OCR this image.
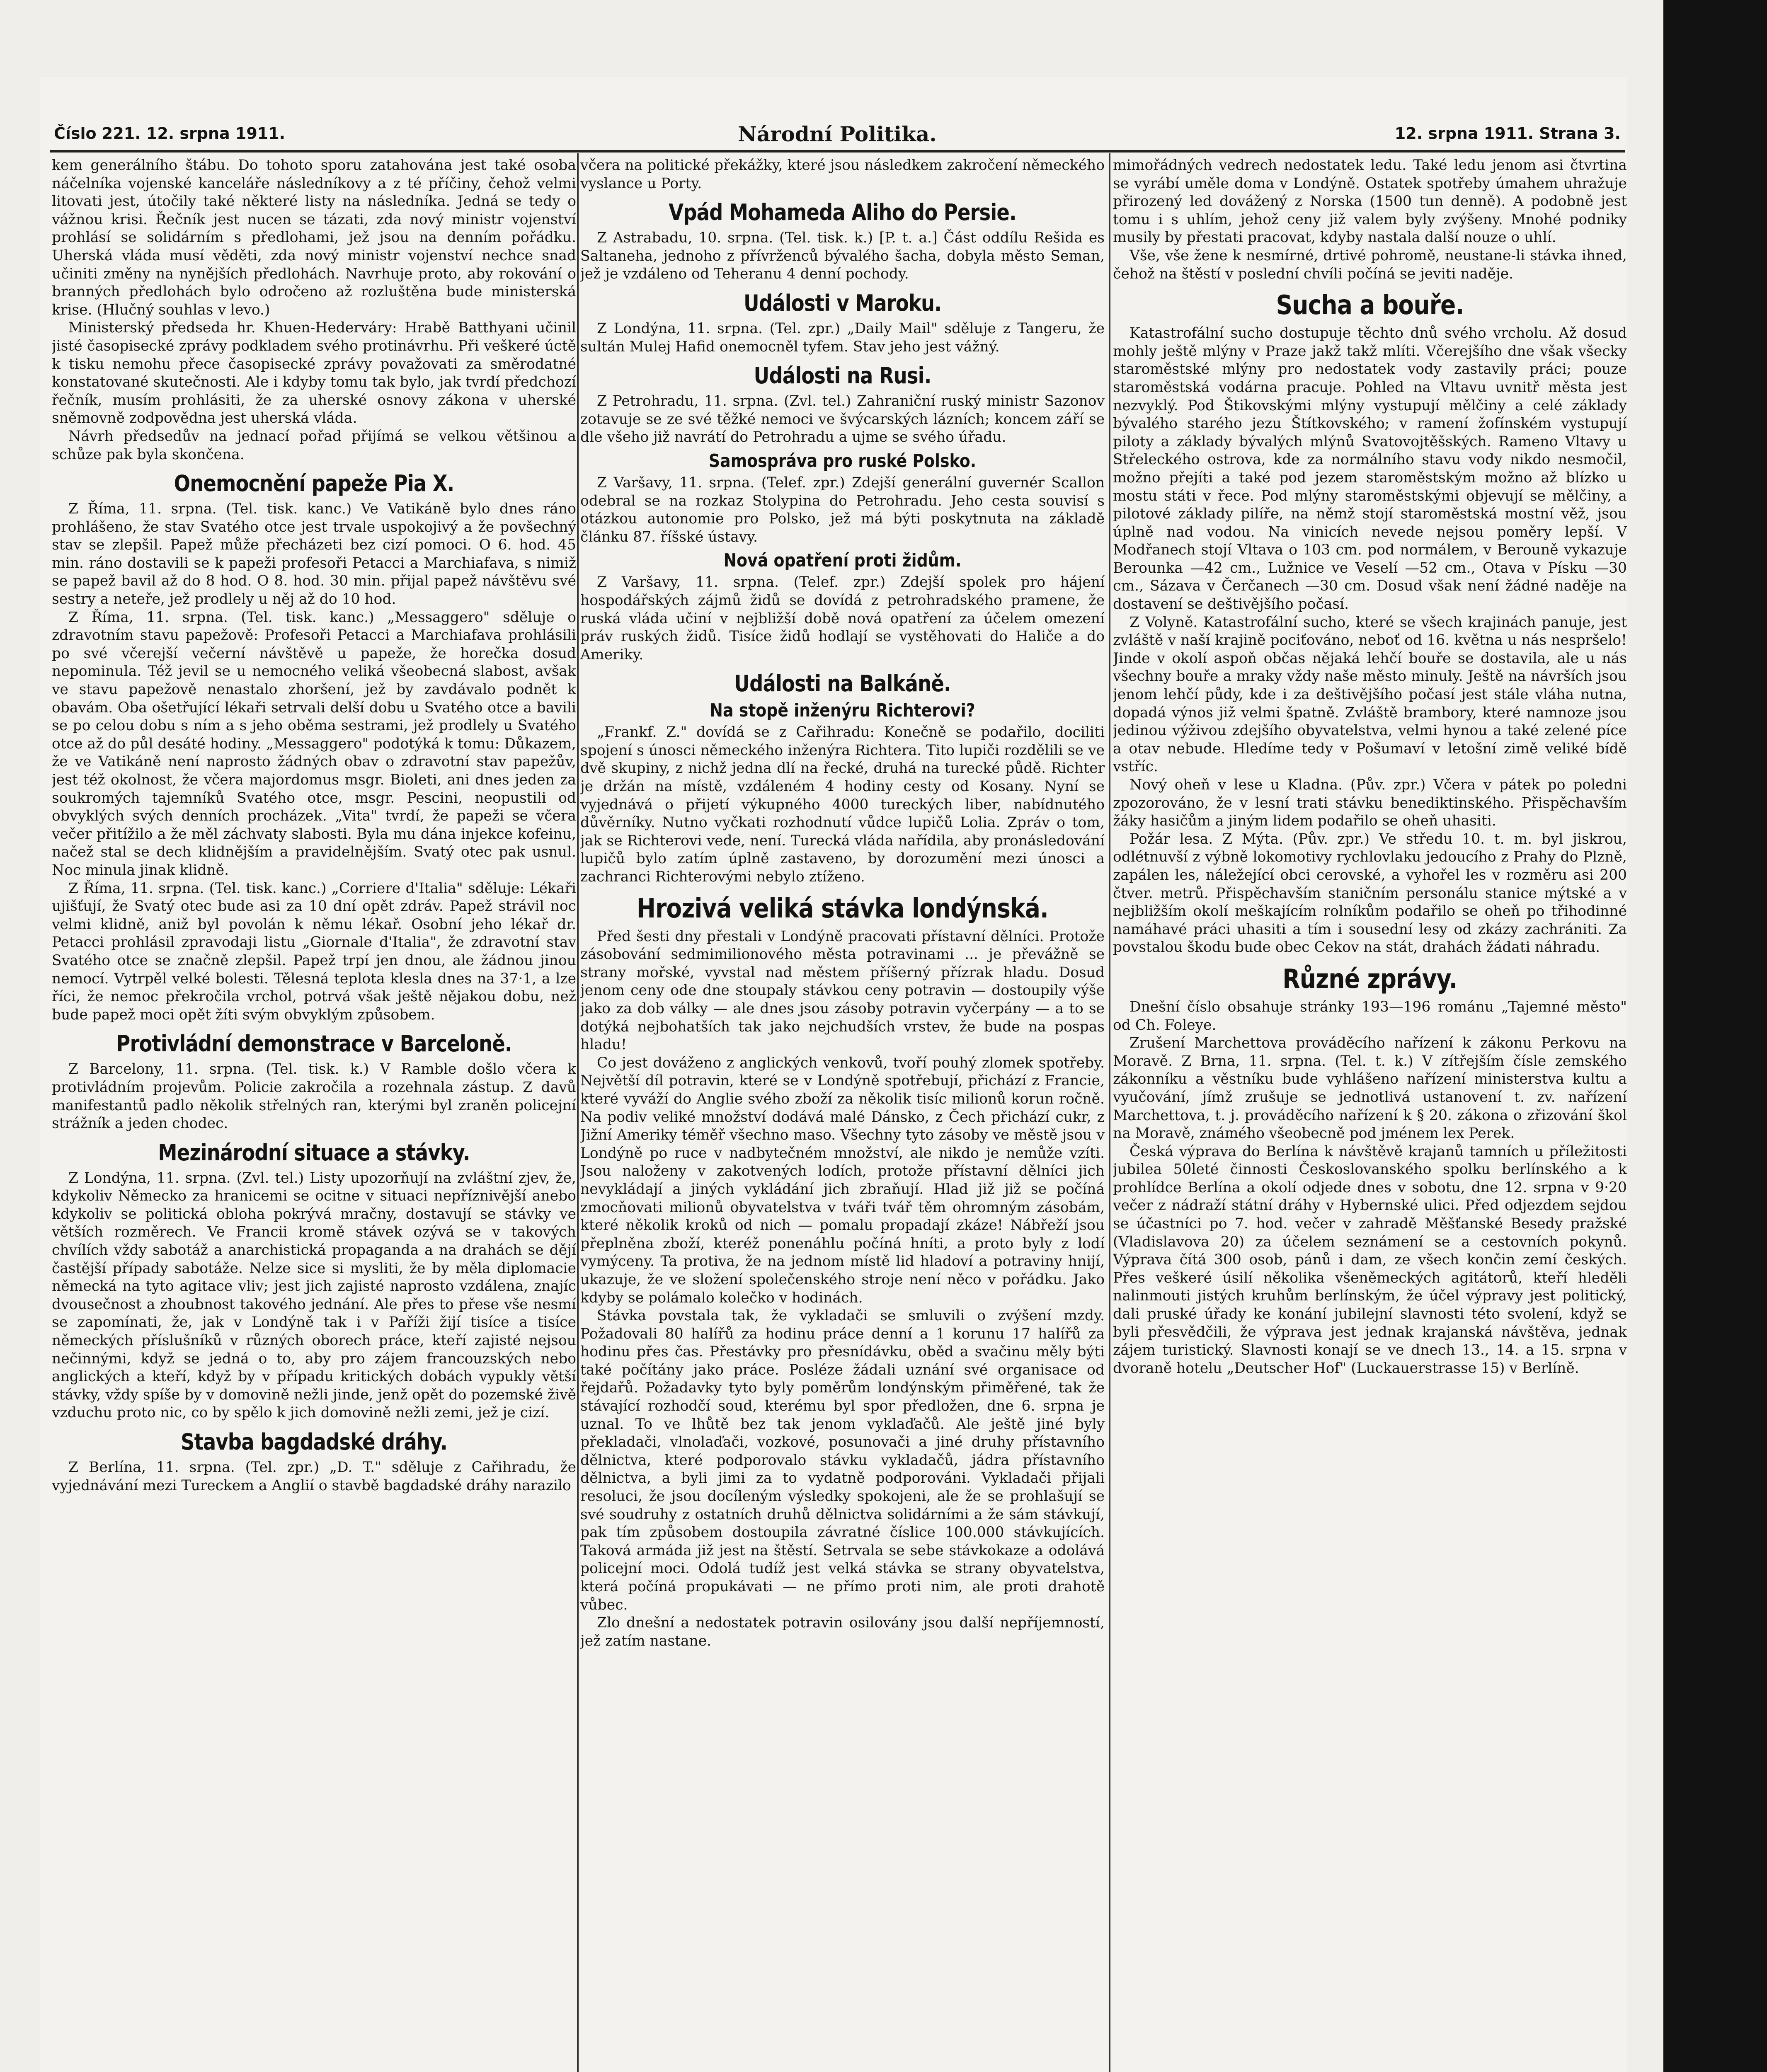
Číslo 221. 12. srpna 1911.	Národní Politika.	12. srpna 1911. Strana 3.

kem generálního štábu. Do tohoto sporu zatahována jest také osoba náčelníka vojenské kanceláře následníkovy a z té příčiny, čehož velmi litovati jest, útočily také některé listy na následníka. Jedná se tedy o vážnou krisi. Řečník jest nucen se tázati, zda nový ministr vojenství prohlásí se solidárním s předlohami, jež jsou na denním pořádku. Uherská vláda musí věděti, zda nový ministr vojenství nechce snad učiniti změny na nynějších předlohách. Navrhuje proto, aby rokování o branných předlohách bylo odročeno až rozluštěna bude ministerská krise. (Hlučný souhlas v levo.)

Ministerský předseda hr. Khuen-Hederváry: Hrabě Batthyani učinil jisté časopisecké zprávy podkladem svého protinávrhu. Při veškeré úctě k tisku nemohu přece časopisecké zprávy považovati za směrodatné konstatované skutečnosti. Ale i kdyby tomu tak bylo, jak tvrdí předchozí řečník, musím prohlásiti, že za uherské osnovy zákona v uherské sněmovně zodpovědna jest uherská vláda.

Návrh předsedův na jednací pořad přijímá se velkou většinou a schůze pak byla skončena.

Onemocnění papeže Pia X.

Z Říma, 11. srpna. (Tel. tisk. kanc.) Ve Vatikáně bylo dnes ráno prohlášeno, že stav Svatého otce jest trvale uspokojivý a že povšechný stav se zlepšil. Papež může přecházeti bez cizí pomoci. O 6. hod. 45 min. ráno dostavili se k papeži profesoři Petacci a Marchiafava, s nimiž se papež bavil až do 8 hod. O 8. hod. 30 min. přijal papež návštěvu své sestry a neteře, jež prodlely u něj až do 10 hod.

Z Říma, 11. srpna. (Tel. tisk. kanc.) „Messaggero" sděluje o zdravotním stavu papežově: Profesoři Petacci a Marchiafava prohlásili po své včerejší večerní návštěvě u papeže, že horečka dosud nepominula. Též jevil se u nemocného veliká všeobecná slabost, avšak ve stavu papežově nenastalo zhoršení, jež by zavdávalo podnět k obavám. Oba ošetřující lékaři setrvali delší dobu u Svatého otce a bavili se po celou dobu s ním a s jeho oběma sestrami, jež prodlely u Svatého otce až do půl desáté hodiny. „Messaggero" podotýká k tomu: Důkazem, že ve Vatikáně není naprosto žádných obav o zdravotní stav papežův, jest též okolnost, že včera majordomus msgr. Bioleti, ani dnes jeden za soukromých tajemníků Svatého otce, msgr. Pescini, neopustili od obvyklých svých denních procházek. „Vita" tvrdí, že papeži se včera večer přitížilo a že měl záchvaty slabosti. Byla mu dána injekce kofeinu, načež stal se dech klidnějším a pravidelnějším. Svatý otec pak usnul. Noc minula jinak klidně.

Z Říma, 11. srpna. (Tel. tisk. kanc.) „Corriere d'Italia" sděluje: Lékaři ujišťují, že Svatý otec bude asi za 10 dní opět zdráv. Papež strávil noc velmi klidně, aniž byl povolán k němu lékař. Osobní jeho lékař dr. Petacci prohlásil zpravodaji listu „Giornale d'Italia", že zdravotní stav Svatého otce se značně zlepšil. Papež trpí jen dnou, ale žádnou jinou nemocí. Vytrpěl velké bolesti. Tělesná teplota klesla dnes na 37·1, a lze říci, že nemoc překročila vrchol, potrvá však ještě nějakou dobu, než bude papež moci opět žíti svým obvyklým způsobem.

Protivládní demonstrace v Barceloně.

Z Barcelony, 11. srpna. (Tel. tisk. k.) V Ramble došlo včera k protivládním projevům. Policie zakročila a rozehnala zástup. Z davů manifestantů padlo několik střelných ran, kterými byl zraněn policejní strážník a jeden chodec.

Mezinárodní situace a stávky.

Z Londýna, 11. srpna. (Zvl. tel.) Listy upozorňují na zvláštní zjev, že, kdykoliv Německo za hranicemi se ocitne v situaci nepříznivější anebo kdykoliv se politická obloha pokrývá mračny, dostavují se stávky ve větších rozměrech. Ve Francii kromě stávek ozývá se v takových chvílích vždy sabotáž a anarchistická propaganda a na drahách se dějí častější případy sabotáže. Nelze sice si mysliti, že by měla diplomacie německá na tyto agitace vliv; jest jich zajisté naprosto vzdálena, znajíc dvousečnost a zhoubnost takového jednání. Ale přes to přese vše nesmí se zapomínati, že, jak v Londýně tak i v Paříži žijí tisíce a tisíce německých příslušníků v různých oborech práce, kteří zajisté nejsou nečinnými, když se jedná o to, aby pro zájem francouzských nebo anglických a kteří, když by v případu kritických dobách vypukly větší stávky, vždy spíše by v domovině nežli jinde, jenž opět do pozemské živě vzduchu proto nic, co by spělo k jich domovině nežli zemi, jež je cizí.

Stavba bagdadské dráhy.

Z Berlína, 11. srpna. (Tel. zpr.) „D. T." sděluje z Cařihradu, že vyjednávání mezi Tureckem a Anglií o stavbě bagdadské dráhy narazilo

včera na politické překážky, které jsou následkem zakročení německého vyslance u Porty.

Vpád Mohameda Aliho do Persie.

Z Astrabadu, 10. srpna. (Tel. tisk. k.) [P. t. a.] Část oddílu Rešida es Saltaneha, jednoho z přívrženců bývalého šacha, dobyla město Seman, jež je vzdáleno od Teheranu 4 denní pochody.

Události v Maroku.

Z Londýna, 11. srpna. (Tel. zpr.) „Daily Mail" sděluje z Tangeru, že sultán Mulej Hafid onemocněl tyfem. Stav jeho jest vážný.

Události na Rusi.

Z Petrohradu, 11. srpna. (Zvl. tel.) Zahraniční ruský ministr Sazonov zotavuje se ze své těžké nemoci ve švýcarských lázních; koncem září se dle všeho již navrátí do Petrohradu a ujme se svého úřadu.

Samospráva pro ruské Polsko.

Z Varšavy, 11. srpna. (Telef. zpr.) Zdejší generální guvernér Scallon odebral se na rozkaz Stolypina do Petrohradu. Jeho cesta souvisí s otázkou autonomie pro Polsko, jež má býti poskytnuta na základě článku 87. říšské ústavy.

Nová opatření proti židům.

Z Varšavy, 11. srpna. (Telef. zpr.) Zdejší spolek pro hájení hospodářských zájmů židů se dovídá z petrohradského pramene, že ruská vláda učiní v nejbližší době nová opatření za účelem omezení práv ruských židů. Tisíce židů hodlají se vystěhovati do Haliče a do Ameriky.

Události na Balkáně.
Na stopě inženýru Richterovi?

„Frankf. Z." dovídá se z Cařihradu: Konečně se podařilo, dociliti spojení s únosci německého inženýra Richtera. Tito lupiči rozdělili se ve dvě skupiny, z nichž jedna dlí na řecké, druhá na turecké půdě. Richter je držán na místě, vzdáleném 4 hodiny cesty od Kosany. Nyní se vyjednává o přijetí výkupného 4000 tureckých liber, nabídnutého důvěrníky. Nutno vyčkati rozhodnutí vůdce lupičů Lolia. Zpráv o tom, jak se Richterovi vede, není. Turecká vláda nařídila, aby pronásledování lupičů bylo zatím úplně zastaveno, by dorozumění mezi únosci a zachranci Richterovými nebylo ztíženo.

Hrozivá veliká stávka londýnská.

Před šesti dny přestali v Londýně pracovati přístavní dělníci. Protože zásobování sedmimilionového města potravinami ... je převážně se strany mořské, vyvstal nad městem příšerný přízrak hladu. Dosud jenom ceny ode dne stoupaly stávkou ceny potravin — dostoupily výše jako za dob války — ale dnes jsou zásoby potravin vyčerpány — a to se dotýká nejbohatších tak jako nejchudších vrstev, že bude na pospas hladu!

Co jest dováženo z anglických venkovů, tvoří pouhý zlomek spotřeby. Největší díl potravin, které se v Londýně spotřebují, přichází z Francie, které vyváží do Anglie svého zboží za několik tisíc milionů korun ročně. Na podiv veliké množství dodává malé Dánsko, z Čech přichází cukr, z Jižní Ameriky téměř všechno maso. Všechny tyto zásoby ve městě jsou v Londýně po ruce v nadbytečném množství, ale nikdo je nemůže vzíti. Jsou naloženy v zakotvených lodích, protože přístavní dělníci jich nevykládají a jiných vykládání jich zbraňují. Hlad již již se počíná zmocňovati milionů obyvatelstva v tváři tvář těm ohromným zásobám, které několik kroků od nich — pomalu propadají zkáze! Nábřeží jsou přeplněna zboží, kteréž ponenáhlu počíná hníti, a proto byly z lodí vymýceny. Ta protiva, že na jednom místě lid hladoví a potraviny hnijí, ukazuje, že ve složení společenského stroje není něco v pořádku. Jako kdyby se polámalo kolečko v hodinách.

Stávka povstala tak, že vykladači se smluvili o zvýšení mzdy. Požadovali 80 halířů za hodinu práce denní a 1 korunu 17 halířů za hodinu přes čas. Přestávky pro přesnídávku, oběd a svačinu měly býti také počítány jako práce. Posléze žádali uznání své organisace od řejdařů. Požadavky tyto byly poměrům londýnským přiměřené, tak že stávající rozhodčí soud, kterému byl spor předložen, dne 6. srpna je uznal. To ve lhůtě bez tak jenom vyklaďačů. Ale ještě jiné byly překladači, vlnolaďači, vozkové, posunovači a jiné druhy přístavního dělnictva, které podporovalo stávku vykladačů, jádra přístavního dělnictva, a byli jimi za to vydatně podporováni. Vykladači přijali resoluci, že jsou docíleným výsledky spokojeni, ale že se prohlašují se své soudruhy z ostatních druhů dělnictva solidárními a že sám stávkují, pak tím způsobem dostoupila závratné číslice 100.000 stávkujících. Taková armáda již jest na štěstí. Setrvala se sebe stávkokaze a odolává policejní moci. Odolá tudíž jest velká stávka se strany obyvatelstva, která počíná propukávati — ne přímo proti nim, ale proti drahotě vůbec.

Zlo dnešní a nedostatek potravin osilovány jsou další nepříjemností, jež zatím nastane.

mimořádných vedrech nedostatek ledu. Také ledu jenom asi čtvrtina se vyrábí uměle doma v Londýně. Ostatek spotřeby úmahem uhražuje přirozený led dovážený z Norska (1500 tun denně). A podobně jest tomu i s uhlím, jehož ceny již valem byly zvýšeny. Mnohé podniky musily by přestati pracovat, kdyby nastala další nouze o uhlí.

Vše, vše žene k nesmírné, drtivé pohromě, neustane-li stávka ihned, čehož na štěstí v poslední chvíli počíná se jeviti naděje.

Sucha a bouře.

Katastrofální sucho dostupuje těchto dnů svého vrcholu. Až dosud mohly ještě mlýny v Praze jakž takž mlíti. Včerejšího dne však všecky staroměstské mlýny pro nedostatek vody zastavily práci; pouze staroměstská vodárna pracuje. Pohled na Vltavu uvnitř města jest nezvyklý. Pod Štikovskými mlýny vystupují mělčiny a celé základy bývalého starého jezu Štítkovského; v ramení žofínském vystupují piloty a základy bývalých mlýnů Svatovojtěšských. Rameno Vltavy u Střeleckého ostrova, kde za normálního stavu vody nikdo nesmočil, možno přejíti a také pod jezem staroměstským možno až blízko u mostu státi v řece. Pod mlýny staroměstskými objevují se mělčiny, a pilotové základy pilíře, na němž stojí staroměstská mostní věž, jsou úplně nad vodou. Na vinicích nevede nejsou poměry lepší. V Modřanech stojí Vltava o 103 cm. pod normálem, v Berouně vykazuje Berounka —42 cm., Lužnice ve Veselí —52 cm., Otava v Písku —30 cm., Sázava v Čerčanech —30 cm. Dosud však není žádné naděje na dostavení se deštivějšího počasí.

Z Volyně. Katastrofální sucho, které se všech krajinách panuje, jest zvláště v naší krajině pociťováno, neboť od 16. května u nás nespršelo! Jinde v okolí aspoň občas nějaká lehčí bouře se dostavila, ale u nás všechny bouře a mraky vždy naše město minuly. Ještě na návrších jsou jenom lehčí půdy, kde i za deštivějšího počasí jest stále vláha nutna, dopadá výnos již velmi špatně. Zvláště brambory, které namnoze jsou jedinou výživou zdejšího obyvatelstva, velmi hynou a také zelené píce a otav nebude. Hledíme tedy v Pošumaví v letošní zimě veliké bídě vstříc.

Nový oheň v lese u Kladna. (Pův. zpr.) Včera v pátek po poledni zpozorováno, že v lesní trati stávku benediktinského. Přispěchavším žáky hasičům a jiným lidem podařilo se oheň uhasiti.

Požár lesa. Z Mýta. (Pův. zpr.) Ve středu 10. t. m. byl jiskrou, odlétnuvší z výbně lokomotivy rychlovlaku jedoucího z Prahy do Plzně, zapálen les, náležející obci cerovské, a vyhořel les v rozměru asi 200 čtver. metrů. Přispěchavším staničním personálu stanice mýtské a v nejbližším okolí meškajícím rolníkům podařilo se oheň po třihodinné namáhavé práci uhasiti a tím i sousední lesy od zkázy zachrániti. Za povstalou škodu bude obec Cekov na stát, drahách žádati náhradu.

Různé zprávy.

Dnešní číslo obsahuje stránky 193—196 románu „Tajemné město" od Ch. Foleye.

Zrušení Marchettova prováděcího nařízení k zákonu Perkovu na Moravě. Z Brna, 11. srpna. (Tel. t. k.) V zítřejším čísle zemského zákonníku a věstníku bude vyhlášeno nařízení ministerstva kultu a vyučování, jímž zrušuje se jednotlivá ustanovení t. zv. nařízení Marchettova, t. j. prováděcího nařízení k § 20. zákona o zřizování škol na Moravě, známého všeobecně pod jménem lex Perek.

Česká výprava do Berlína k návštěvě krajanů tamních u příležitosti jubilea 50leté činnosti Českoslovanského spolku berlínského a k prohlídce Berlína a okolí odjede dnes v sobotu, dne 12. srpna v 9·20 večer z nádraží státní dráhy v Hybernské ulici. Před odjezdem sejdou se účastníci po 7. hod. večer v zahradě Měšťanské Besedy pražské (Vladislavova 20) za účelem seznámení se a cestovních pokynů. Výprava čítá 300 osob, pánů i dam, ze všech končin zemí českých. Přes veškeré úsilí několika všeněmeckých agitátorů, kteří hleděli nalinmouti jistých kruhům berlínským, že účel výpravy jest politický, dali pruské úřady ke konání jubilejní slavnosti této svolení, když se byli přesvědčili, že výprava jest jednak krajanská návštěva, jednak zájem turistický. Slavnosti konají se ve dnech 13., 14. a 15. srpna v dvoraně hotelu „Deutscher Hof" (Luckauerstrasse 15) v Berlíně.
